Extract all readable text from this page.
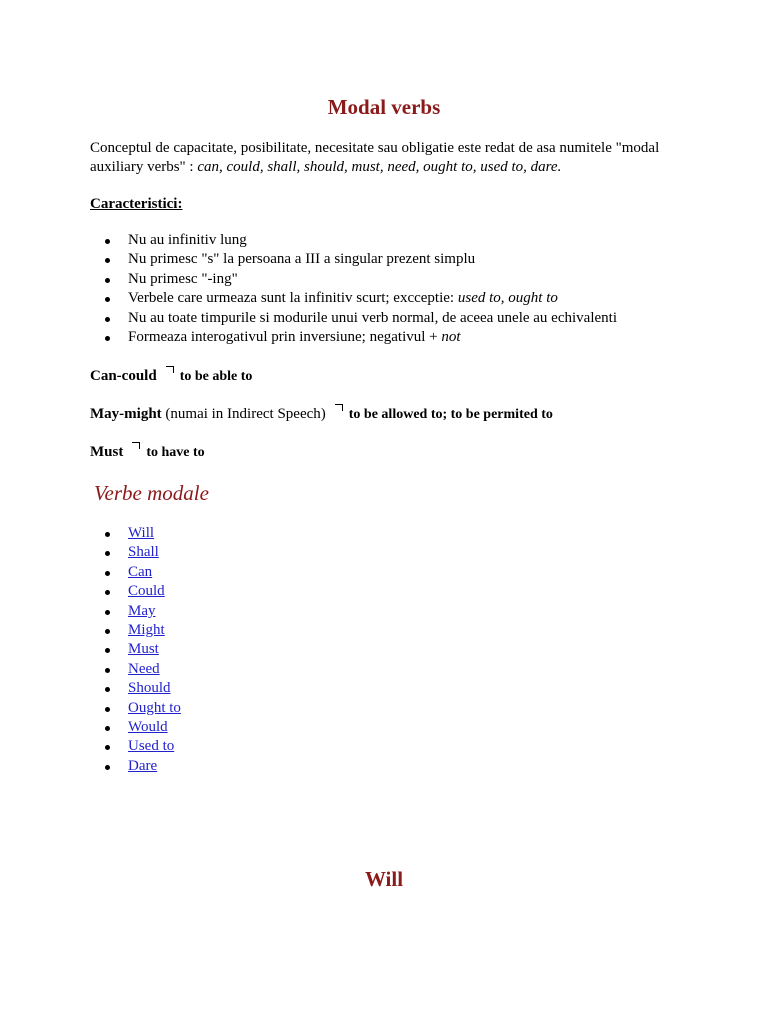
Modal verbs
Conceptul de capacitate, posibilitate, necesitate sau obligatie este redat de asa numitele "modal auxiliary verbs" : can, could, shall, should, must, need, ought to, used to, dare.
Caracteristici:
Nu au infinitiv lung
Nu primesc "s" la persoana a III a singular prezent simplu
Nu primesc "-ing"
Verbele care urmeaza sunt la infinitiv scurt; excceptie: used to, ought to
Nu au toate timpurile si modurile unui verb normal, de aceea unele au echivalenti
Formeaza interogativul prin inversiune; negativul + not
Can-could to be able to
May-might (numai in Indirect Speech) to be allowed to; to be permited to
Must to have to
Verbe modale
Will
Shall
Can
Could
May
Might
Must
Need
Should
Ought to
Would
Used to
Dare
Will
